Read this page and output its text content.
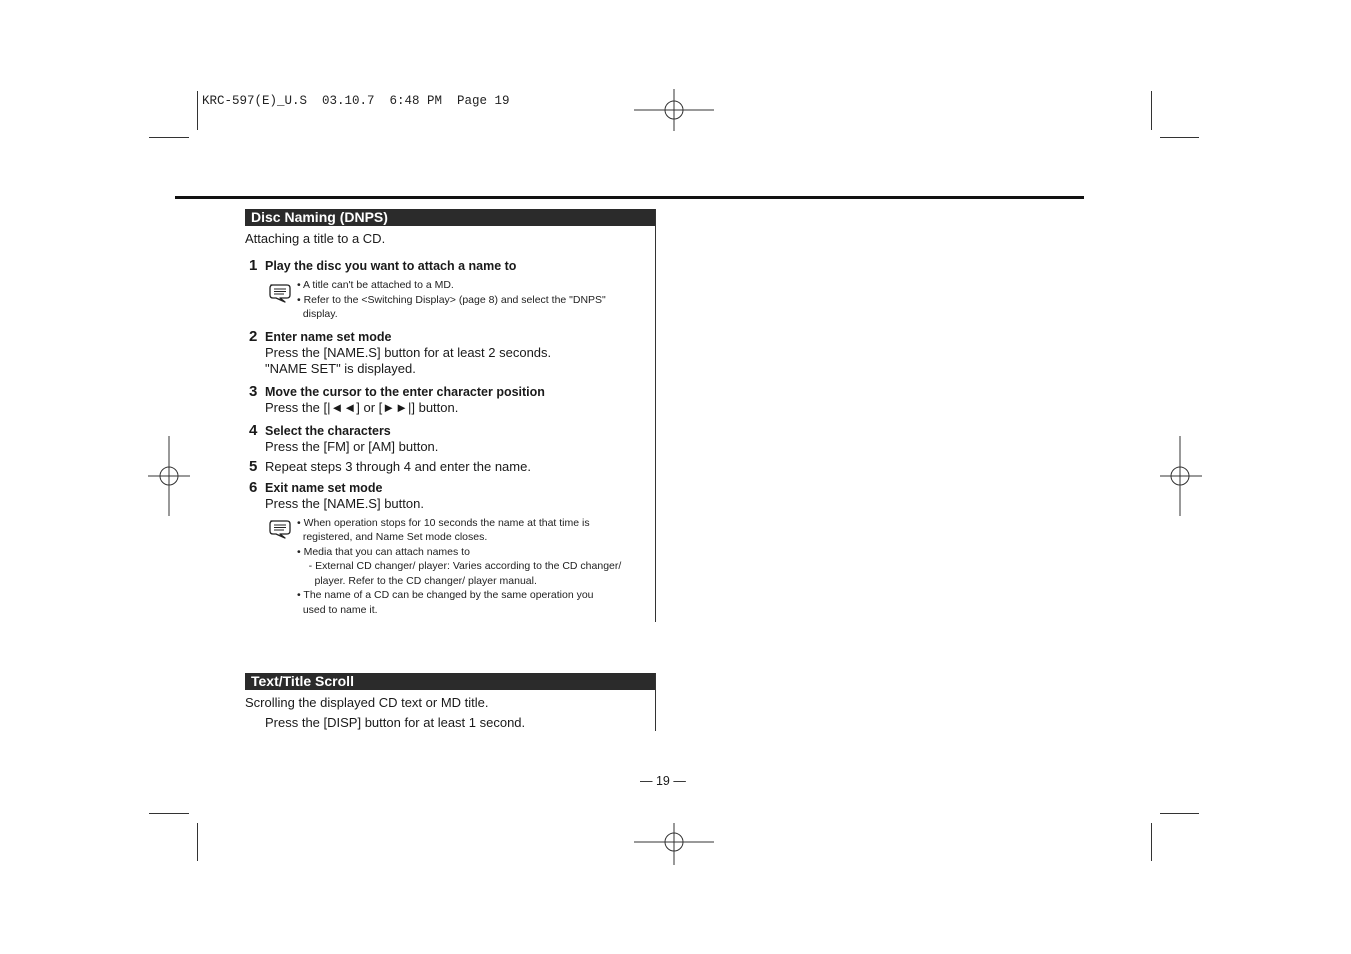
KRC-597(E)_U.S  03.10.7  6:48 PM  Page 19
Disc Naming (DNPS)
Attaching a title to a CD.
1 Play the disc you want to attach a name to
• A title can't be attached to a MD.
• Refer to the <Switching Display> (page 8) and select the "DNPS"
display.
2 Enter name set mode
Press the [NAME.S] button for at least 2 seconds.
"NAME SET" is displayed.
3 Move the cursor to the enter character position
Press the [|◄◄] or [►►|] button.
4 Select the characters
Press the [FM] or [AM] button.
5 Repeat steps 3 through 4 and enter the name.
6 Exit name set mode
Press the [NAME.S] button.
• When operation stops for 10 seconds the name at that time is
registered, and Name Set mode closes.
• Media that you can attach names to
- External CD changer/ player: Varies according to the CD changer/
player. Refer to the CD changer/ player manual.
• The name of a CD can be changed by the same operation you
used to name it.
Text/Title Scroll
Scrolling the displayed CD text or MD title.
Press the [DISP] button for at least 1 second.
— 19 —
